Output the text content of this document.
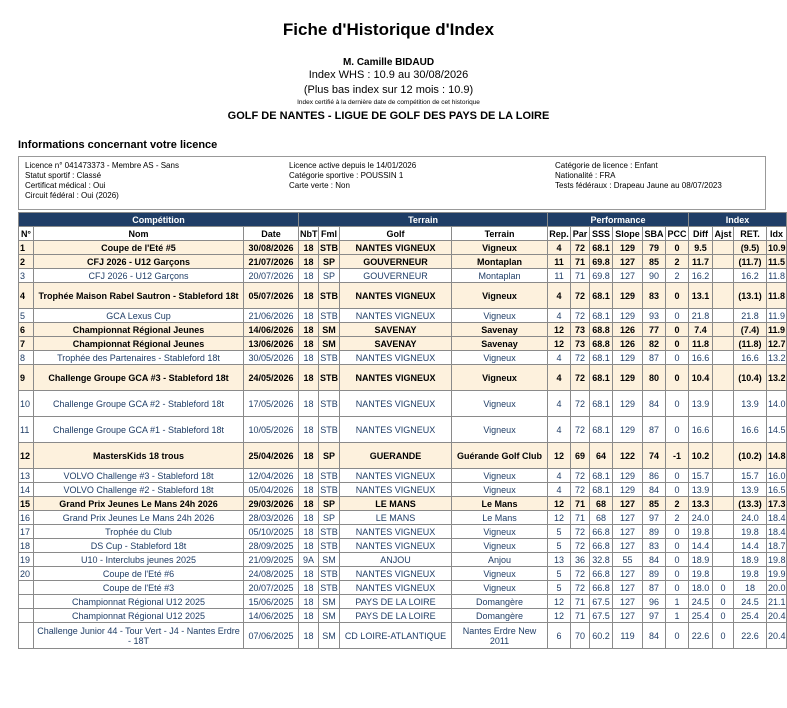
Fiche d'Historique d'Index
M. Camille BIDAUD
Index WHS : 10.9 au 30/08/2026
(Plus bas index sur 12 mois : 10.9)
Index certifié à la dernière date de compétition de cet historique
GOLF DE NANTES - LIGUE DE GOLF DES PAYS DE LA LOIRE
Informations concernant votre licence
Licence n° 041473373 - Membre AS - Sans
Statut sportif : Classé
Certificat médical : Oui
Circuit fédéral : Oui (2026)
Licence active depuis le 14/01/2026
Catégorie sportive : POUSSIN 1
Carte verte : Non
Catégorie de licence : Enfant
Nationalité : FRA
Tests fédéraux : Drapeau Jaune au 08/07/2023
Compétition			Terrain				Performance						Index			
N°	Nom	Date	NbT	Fml	Golf	Terrain	Rep.	Par	SSS	Slope	SBA	PCC	Diff	Ajst	RET.	Idx
1	Coupe de l'Eté #5	30/08/2026	18	STB	NANTES VIGNEUX	Vigneux	4	72	68.1	129	79	0	9.5		(9.5)	10.9
2	CFJ 2026 - U12 Garçons	21/07/2026	18	SP	GOUVERNEUR	Montaplan	11	71	69.8	127	85	2	11.7		(11.7)	11.5
3	CFJ 2026 - U12 Garçons	20/07/2026	18	SP	GOUVERNEUR	Montaplan	11	71	69.8	127	90	2	16.2		16.2	11.8
4	Trophée Maison Rabel Sautron - Stableford 18t	05/07/2026	18	STB	NANTES VIGNEUX	Vigneux	4	72	68.1	129	83	0	13.1		(13.1)	11.8
5	GCA Lexus Cup	21/06/2026	18	STB	NANTES VIGNEUX	Vigneux	4	72	68.1	129	93	0	21.8		21.8	11.9
6	Championnat Régional Jeunes	14/06/2026	18	SM	SAVENAY	Savenay	12	73	68.8	126	77	0	7.4		(7.4)	11.9
7	Championnat Régional Jeunes	13/06/2026	18	SM	SAVENAY	Savenay	12	73	68.8	126	82	0	11.8		(11.8)	12.7
8	Trophée des Partenaires - Stableford 18t	30/05/2026	18	STB	NANTES VIGNEUX	Vigneux	4	72	68.1	129	87	0	16.6		16.6	13.2
9	Challenge Groupe GCA #3 - Stableford 18t	24/05/2026	18	STB	NANTES VIGNEUX	Vigneux	4	72	68.1	129	80	0	10.4		(10.4)	13.2
10	Challenge Groupe GCA #2 - Stableford 18t	17/05/2026	18	STB	NANTES VIGNEUX	Vigneux	4	72	68.1	129	84	0	13.9		13.9	14.0
11	Challenge Groupe GCA #1 - Stableford 18t	10/05/2026	18	STB	NANTES VIGNEUX	Vigneux	4	72	68.1	129	87	0	16.6		16.6	14.5
12	MastersKids 18 trous	25/04/2026	18	SP	GUERANDE	Guérande Golf Club	12	69	64	122	74	-1	10.2		(10.2)	14.8
13	VOLVO Challenge #3 - Stableford 18t	12/04/2026	18	STB	NANTES VIGNEUX	Vigneux	4	72	68.1	129	86	0	15.7		15.7	16.0
14	VOLVO Challenge #2 - Stableford 18t	05/04/2026	18	STB	NANTES VIGNEUX	Vigneux	4	72	68.1	129	84	0	13.9		13.9	16.5
15	Grand Prix Jeunes Le Mans 24h 2026	29/03/2026	18	SP	LE MANS	Le Mans	12	71	68	127	85	2	13.3		(13.3)	17.3
16	Grand Prix Jeunes Le Mans 24h 2026	28/03/2026	18	SP	LE MANS	Le Mans	12	71	68	127	97	2	24.0		24.0	18.4
17	Trophée du Club	05/10/2025	18	STB	NANTES VIGNEUX	Vigneux	5	72	66.8	127	89	0	19.8		19.8	18.4
18	DS Cup - Stableford 18t	28/09/2025	18	STB	NANTES VIGNEUX	Vigneux	5	72	66.8	127	83	0	14.4		14.4	18.7
19	U10 - Interclubs jeunes 2025	21/09/2025	9A	SM	ANJOU	Anjou	13	36	32.8	55	84	0	18.9		18.9	19.8
20	Coupe de l'Eté #6	24/08/2025	18	STB	NANTES VIGNEUX	Vigneux	5	72	66.8	127	89	0	19.8		19.8	19.9
	Coupe de l'Eté #3	20/07/2025	18	STB	NANTES VIGNEUX	Vigneux	5	72	66.8	127	87	0	18.0	0	18	20.0
	Championnat Régional U12 2025	15/06/2025	18	SM	PAYS DE LA LOIRE	Domangère	12	71	67.5	127	96	1	24.5	0	24.5	21.1
	Championnat Régional U12 2025	14/06/2025	18	SM	PAYS DE LA LOIRE	Domangère	12	71	67.5	127	97	1	25.4	0	25.4	20.4
	Challenge Junior 44 - Tour Vert - J4 - Nantes Erdre - 18T	07/06/2025	18	SM	CD LOIRE-ATLANTIQUE	Nantes Erdre New 2011	6	70	60.2	119	84	0	22.6	0	22.6	20.4
